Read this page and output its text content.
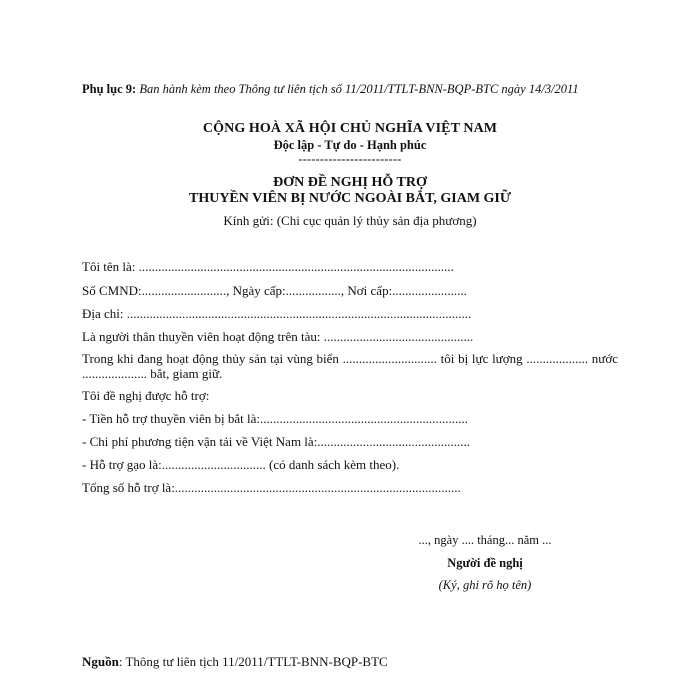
Phụ lục 9: Ban hành kèm theo Thông tư liên tịch số 11/2011/TTLT-BNN-BQP-BTC ngày 14/3/2011
CỘNG HOÀ XÃ HỘI CHỦ NGHĨA VIỆT NAM
Độc lập - Tự do - Hạnh phúc
------------------------
ĐƠN ĐỀ NGHỊ HỖ TRỢ
THUYỀN VIÊN BỊ NƯỚC NGOÀI BẮT, GIAM GIỮ
Kính gửi: (Chi cục quản lý thủy sản địa phương)
Tôi tên là: .................................................................................................
Số CMND:.........................., Ngày cấp:................., Nơi cấp:.......................
Địa chỉ: ..........................................................................................................
Là người thân thuyền viên hoạt động trên tàu: ..............................................
Trong khi đang hoạt động thủy sản tại vùng biển ............................. tôi bị lực lượng ................... nước .................... bắt, giam giữ.
Tôi đề nghị được hỗ trợ:
- Tiền hỗ trợ thuyền viên bị bắt là:................................................................
- Chi phí phương tiện vận tải về Việt Nam là:...............................................
- Hỗ trợ gạo là:................................ (có danh sách kèm theo).
Tổng số hỗ trợ là:........................................................................................
..., ngày .... tháng... năm ...
Người đề nghị
(Ký, ghi rõ họ tên)
Nguồn: Thông tư liên tịch 11/2011/TTLT-BNN-BQP-BTC
